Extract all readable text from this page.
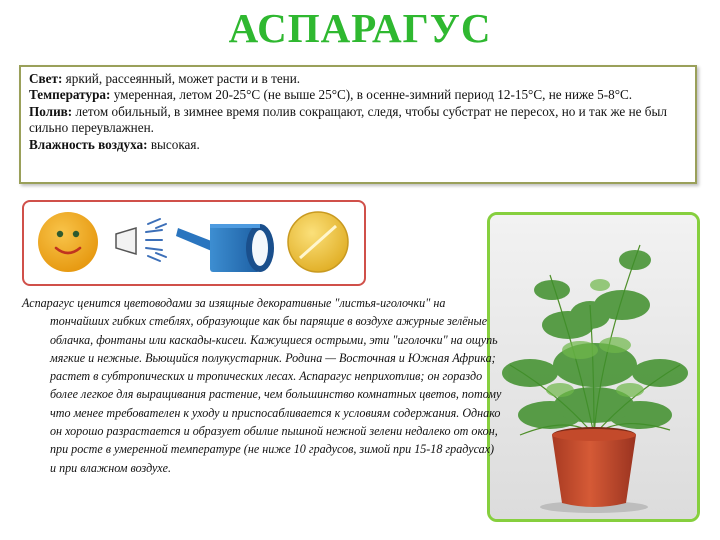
АСПАРАГУС

Свет: яркий, рассеянный, может расти и в тени.

Температура: умеренная, летом 20-25°С (не выше 25°С), в осенне-зимний период 12-15°С, не ниже 5-8°С.

Полив: летом обильный, в зимнее время полив сокращают, следя, чтобы субстрат не пересох, но и так же не был сильно переувлажнен.

Влажность воздуха: высокая.

Аспарагус ценится цветоводами за изящные декоративные "листья-иголочки" на тончайших гибких стеблях, образующие как бы парящие в воздухе ажурные зелёные облачка, фонтаны или каскады-кисеи. Кажущиеся острыми, эти "иголочки" на ощупь мягкие и нежные. Вьющийся полукустарник. Родина — Восточная и Южная Африка; растет в субтропических и тропических лесах. Аспарагус неприхотлив; он гораздо более легкое для выращивания растение, чем большинство комнатных цветов, потому что менее требователен к уходу и приспосабливается к условиям содержания. Однако он хорошо разрастается и образует обилие пышной нежной зелени недалеко от окон, при росте в умеренной температуре (не ниже 10 градусов, зимой при 15-18 градусах) и при влажном воздухе.
